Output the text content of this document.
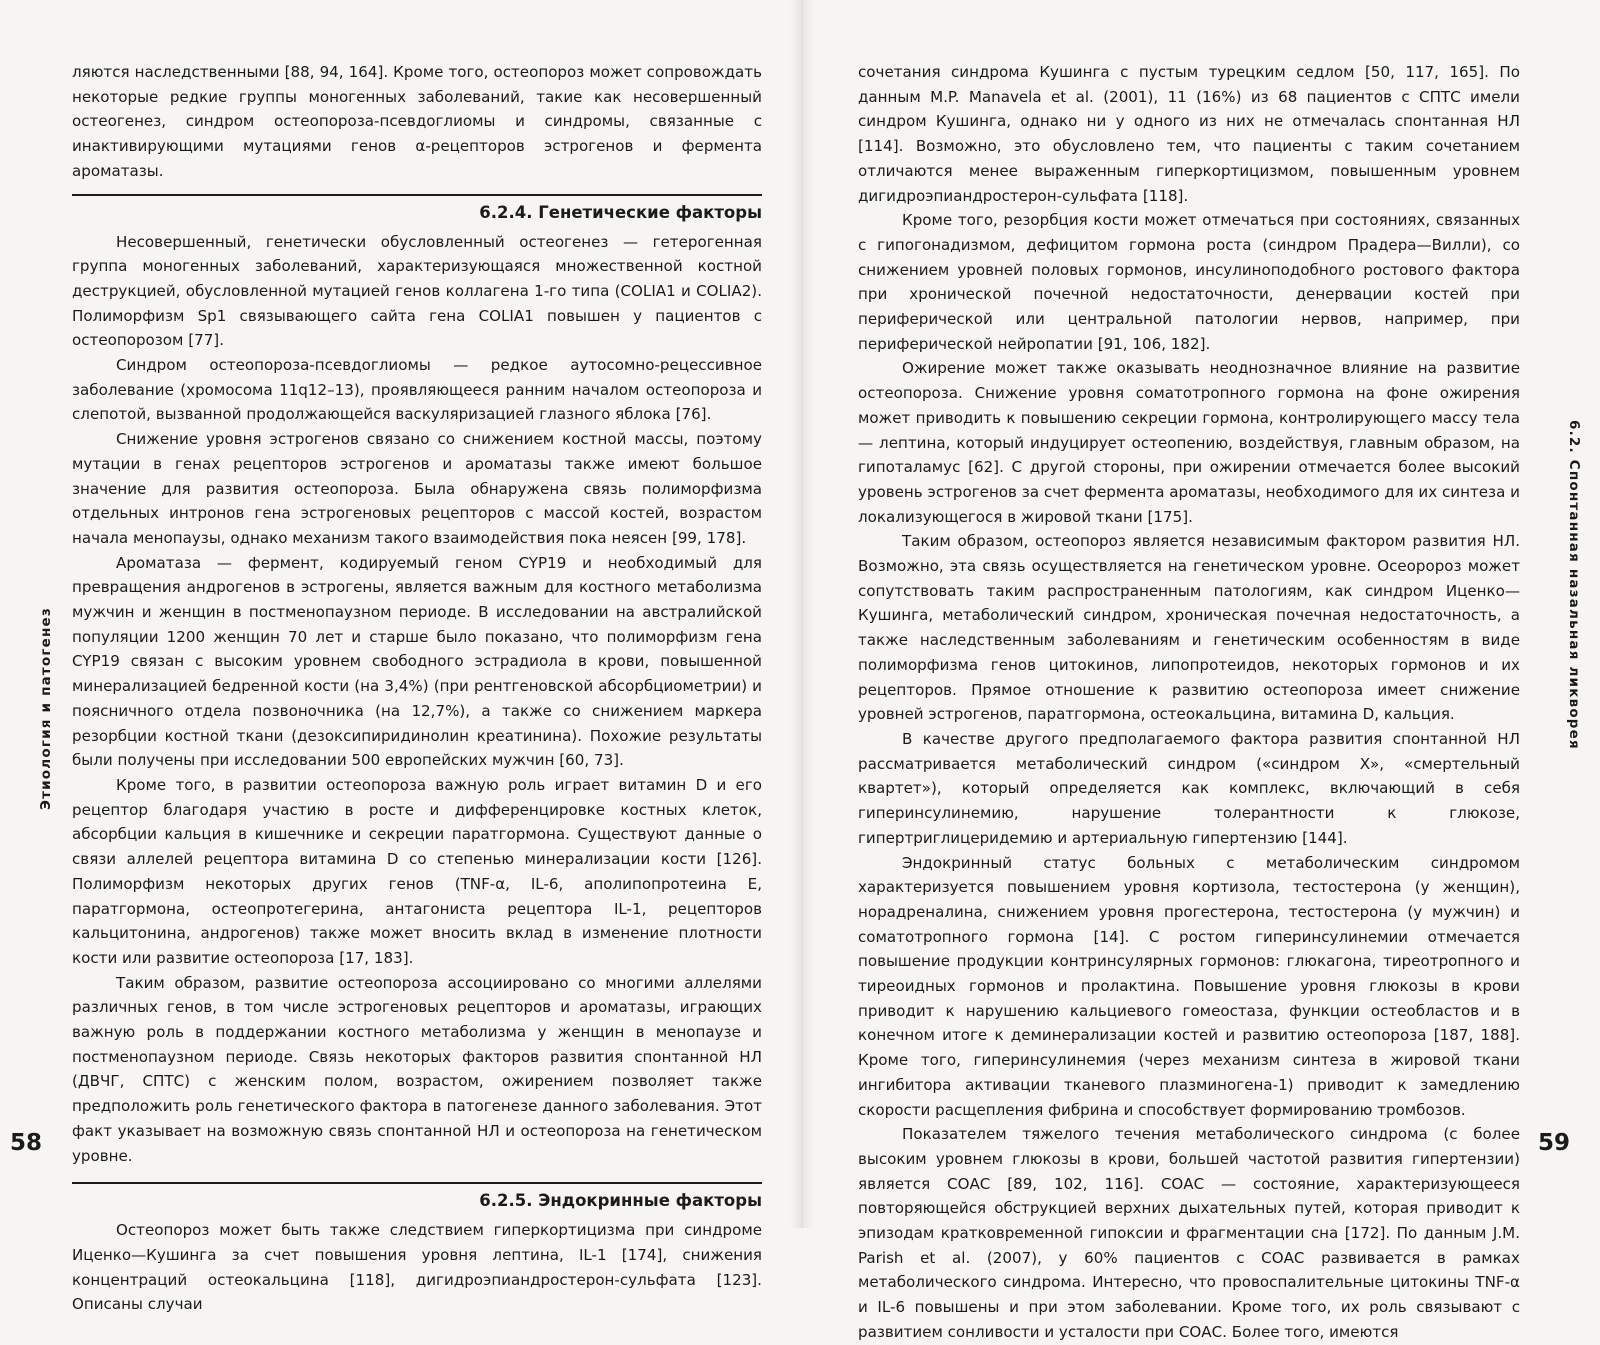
Этиология и патогенез

ляются наследственными [88, 94, 164]. Кроме того, остеопороз может сопровождать некоторые редкие группы моногенных заболеваний, такие как несовершенный остеогенез, синдром остеопороза-псевдоглиомы и синдромы, связанные с инактивирующими мутациями генов α-рецепторов эстрогенов и фермента ароматазы.

6.2.4. Генетические факторы

Несовершенный, генетически обусловленный остеогенез — гетерогенная группа моногенных заболеваний, характеризующаяся множественной костной деструкцией, обусловленной мутацией генов коллагена 1-го типа (COLIA1 и COLIA2). Полиморфизм Sp1 связывающего сайта гена COLIA1 повышен у пациентов с остеопорозом [77].

Синдром остеопороза-псевдоглиомы — редкое аутосомно-рецессивное заболевание (хромосома 11q12–13), проявляющееся ранним началом остеопороза и слепотой, вызванной продолжающейся васкуляризацией глазного яблока [76].

Снижение уровня эстрогенов связано со снижением костной массы, поэтому мутации в генах рецепторов эстрогенов и ароматазы также имеют большое значение для развития остеопороза. Была обнаружена связь полиморфизма отдельных интронов гена эстрогеновых рецепторов с массой костей, возрастом начала менопаузы, однако механизм такого взаимодействия пока неясен [99, 178].

Ароматаза — фермент, кодируемый геном CYP19 и необходимый для превращения андрогенов в эстрогены, является важным для костного метаболизма мужчин и женщин в постменопаузном периоде. В исследовании на австралийской популяции 1200 женщин 70 лет и старше было показано, что полиморфизм гена CYP19 связан с высоким уровнем свободного эстрадиола в крови, повышенной минерализацией бедренной кости (на 3,4%) (при рентгеновской абсорбциометрии) и поясничного отдела позвоночника (на 12,7%), а также со снижением маркера резорбции костной ткани (дезоксипиридинолин креатинина). Похожие результаты были получены при исследовании 500 европейских мужчин [60, 73].

Кроме того, в развитии остеопороза важную роль играет витамин D и его рецептор благодаря участию в росте и дифференцировке костных клеток, абсорбции кальция в кишечнике и секреции паратгормона. Существуют данные о связи аллелей рецептора витамина D со степенью минерализации кости [126]. Полиморфизм некоторых других генов (TNF-α, IL-6, аполипопротеина E, паратгормона, остеопротегерина, антагониста рецептора IL-1, рецепторов кальцитонина, андрогенов) также может вносить вклад в изменение плотности кости или развитие остеопороза [17, 183].

Таким образом, развитие остеопороза ассоциировано со многими аллелями различных генов, в том числе эстрогеновых рецепторов и ароматазы, играющих важную роль в поддержании костного метаболизма у женщин в менопаузе и постменопаузном периоде. Связь некоторых факторов развития спонтанной НЛ (ДВЧГ, СПТС) с женским полом, возрастом, ожирением позволяет также предположить роль генетического фактора в патогенезе данного заболевания. Этот факт указывает на возможную связь спонтанной НЛ и остеопороза на генетическом уровне.

6.2.5. Эндокринные факторы

Остеопороз может быть также следствием гиперкортицизма при синдроме Иценко—Кушинга за счет повышения уровня лептина, IL-1 [174], снижения концентраций остеокальцина [118], дигидроэпиандростерон-сульфата [123]. Описаны случаи

58

сочетания синдрома Кушинга с пустым турецким седлом [50, 117, 165]. По данным M.P. Manavela et al. (2001), 11 (16%) из 68 пациентов с СПТС имели синдром Кушинга, однако ни у одного из них не отмечалась спонтанная НЛ [114]. Возможно, это обусловлено тем, что пациенты с таким сочетанием отличаются менее выраженным гиперкортицизмом, повышенным уровнем дигидроэпиандростерон-сульфата [118].

Кроме того, резорбция кости может отмечаться при состояниях, связанных с гипогонадизмом, дефицитом гормона роста (синдром Прадера—Вилли), со снижением уровней половых гормонов, инсулиноподобного ростового фактора при хронической почечной недостаточности, денервации костей при периферической или центральной патологии нервов, например, при периферической нейропатии [91, 106, 182].

Ожирение может также оказывать неоднозначное влияние на развитие остеопороза. Снижение уровня соматотропного гормона на фоне ожирения может приводить к повышению секреции гормона, контролирующего массу тела — лептина, который индуцирует остеопению, воздействуя, главным образом, на гипоталамус [62]. С другой стороны, при ожирении отмечается более высокий уровень эстрогенов за счет фермента ароматазы, необходимого для их синтеза и локализующегося в жировой ткани [175].

Таким образом, остеопороз является независимым фактором развития НЛ. Возможно, эта связь осуществляется на генетическом уровне. Осеоророз может сопутствовать таким распространенным патологиям, как синдром Иценко—Кушинга, метаболический синдром, хроническая почечная недостаточность, а также наследственным заболеваниям и генетическим особенностям в виде полиморфизма генов цитокинов, липопротеидов, некоторых гормонов и их рецепторов. Прямое отношение к развитию остеопороза имеет снижение уровней эстрогенов, паратгормона, остеокальцина, витамина D, кальция.

В качестве другого предполагаемого фактора развития спонтанной НЛ рассматривается метаболический синдром («синдром X», «смертельный квартет»), который определяется как комплекс, включающий в себя гиперинсулинемию, нарушение толерантности к глюкозе, гипертриглицеридемию и артериальную гипертензию [144].

Эндокринный статус больных с метаболическим синдромом характеризуется повышением уровня кортизола, тестостерона (у женщин), норадреналина, снижением уровня прогестерона, тестостерона (у мужчин) и соматотропного гормона [14]. С ростом гиперинсулинемии отмечается повышение продукции контринсулярных гормонов: глюкагона, тиреотропного и тиреоидных гормонов и пролактина. Повышение уровня глюкозы в крови приводит к нарушению кальциевого гомеостаза, функции остеобластов и в конечном итоге к деминерализации костей и развитию остеопороза [187, 188]. Кроме того, гиперинсулинемия (через механизм синтеза в жировой ткани ингибитора активации тканевого плазминогена-1) приводит к замедлению скорости расщепления фибрина и способствует формированию тромбозов.

Показателем тяжелого течения метаболического синдрома (с более высоким уровнем глюкозы в крови, большей частотой развития гипертензии) является СОАС [89, 102, 116]. СОАС — состояние, характеризующееся повторяющейся обструкцией верхних дыхательных путей, которая приводит к эпизодам кратковременной гипоксии и фрагментации сна [172]. По данным J.M. Parish et al. (2007), у 60% пациентов с СОАС развивается в рамках метаболического синдрома. Интересно, что провоспалительные цитокины TNF-α и IL-6 повышены и при этом заболевании. Кроме того, их роль связывают с развитием сонливости и усталости при СОАС. Более того, имеются

6.2. Спонтанная назальная ликворея
59
